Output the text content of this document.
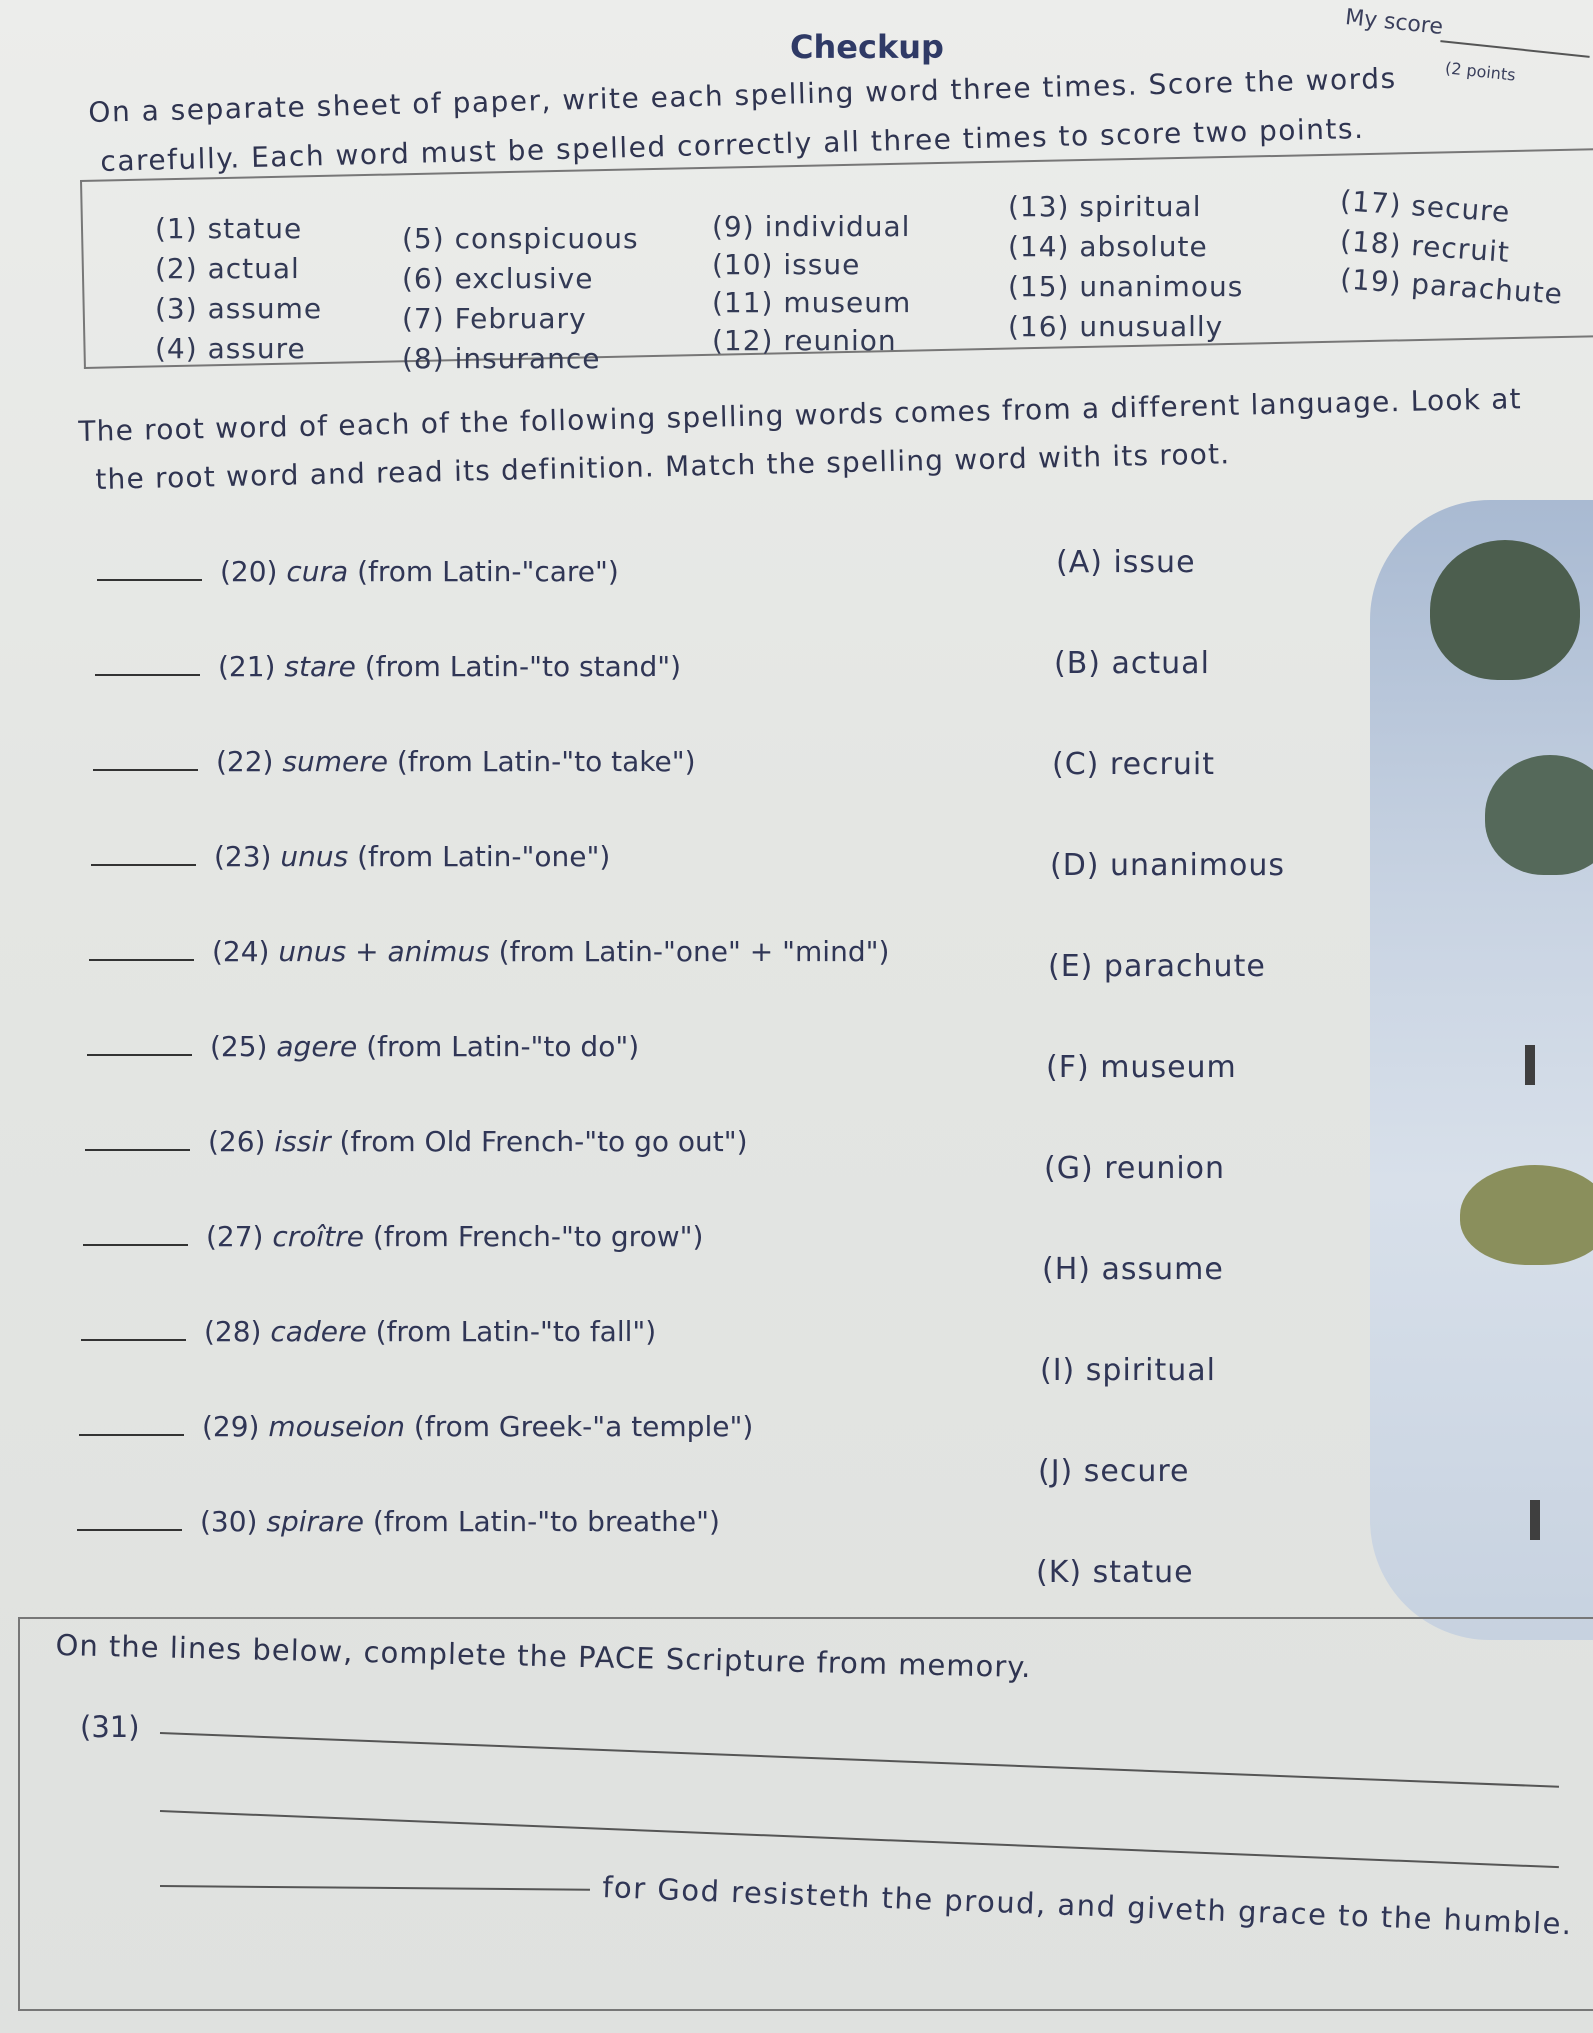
Checkup
My score
(2 points
On a separate sheet of paper, write each spelling word three times. Score the words
carefully. Each word must be spelled correctly all three times to score two points.
(1) statue
(2) actual
(3) assume
(4) assure
(5) conspicuous
(6) exclusive
(7) February
(8) insurance
(9) individual
(10) issue
(11) museum
(12) reunion
(13) spiritual
(14) absolute
(15) unanimous
(16) unusually
(17) secure
(18) recruit
(19) parachute
The root word of each of the following spelling words comes from a different language. Look at
the root word and read its definition. Match the spelling word with its root.
(20) cura (from Latin-"care")
(21) stare (from Latin-"to stand")
(22) sumere (from Latin-"to take")
(23) unus (from Latin-"one")
(24) unus + animus (from Latin-"one" + "mind")
(25) agere (from Latin-"to do")
(26) issir (from Old French-"to go out")
(27) croître (from French-"to grow")
(28) cadere (from Latin-"to fall")
(29) mouseion (from Greek-"a temple")
(30) spirare (from Latin-"to breathe")
(A) issue
(B) actual
(C) recruit
(D) unanimous
(E) parachute
(F) museum
(G) reunion
(H) assume
(I) spiritual
(J) secure
(K) statue
On the lines below, complete the PACE Scripture from memory.
(31)
for God resisteth the proud, and giveth grace to the humble.
